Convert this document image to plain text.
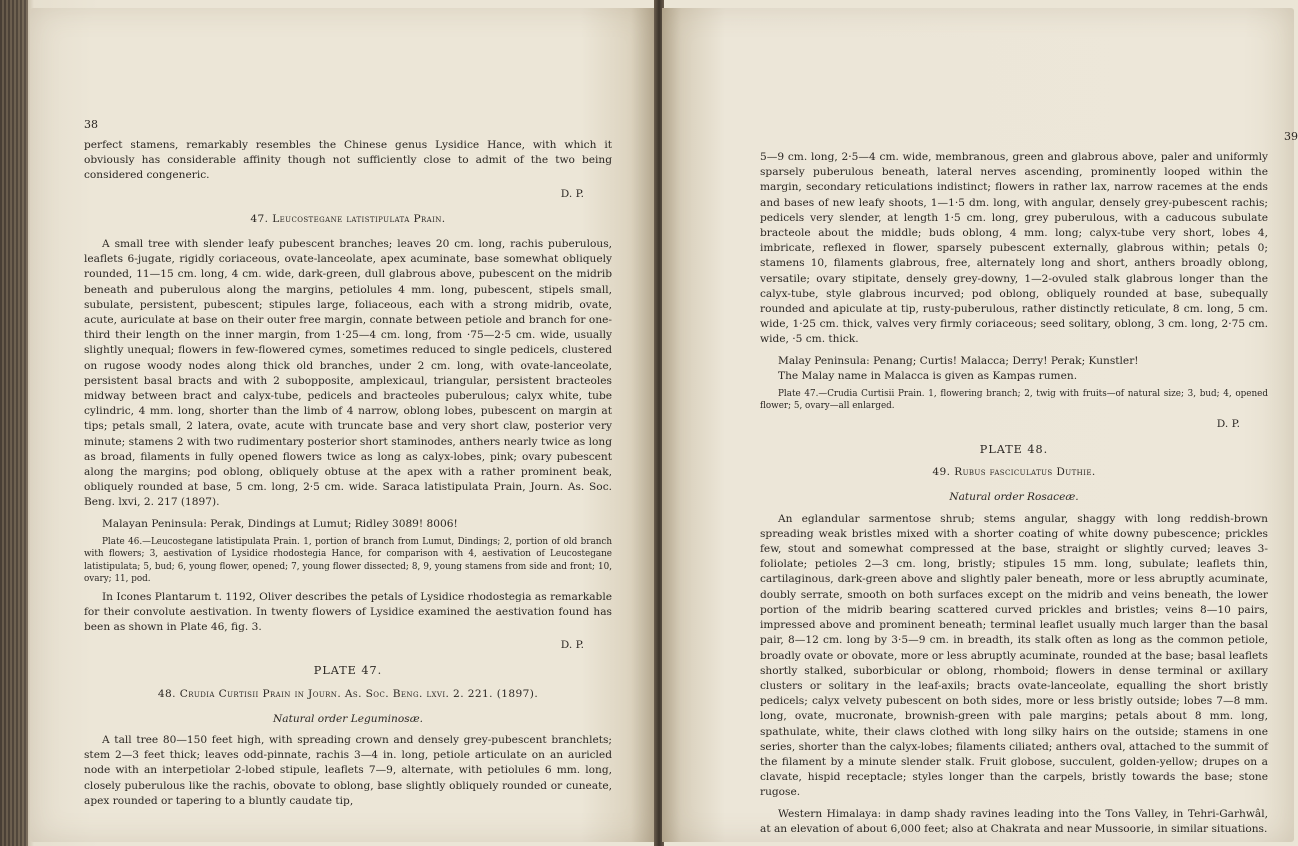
38

perfect stamens, remarkably resembles the Chinese genus Lysidice Hance, with which it obviously has considerable affinity though not sufficiently close to admit of the two being considered congeneric.

D. P.

47. Leucostegane latistipulata Prain.

A small tree with slender leafy pubescent branches; leaves 20 cm. long, rachis puberulous, leaflets 6-jugate, rigidly coriaceous, ovate-lanceolate, apex acuminate, base somewhat obliquely rounded, 11—15 cm. long, 4 cm. wide, dark-green, dull glabrous above, pubescent on the midrib beneath and puberulous along the margins, petiolules 4 mm. long, pubescent, stipels small, subulate, persistent, pubescent; stipules large, foliaceous, each with a strong midrib, ovate, acute, auriculate at base on their outer free margin, connate between petiole and branch for one-third their length on the inner margin, from 1·25—4 cm. long, from ·75—2·5 cm. wide, usually slightly unequal; flowers in few-flowered cymes, sometimes reduced to single pedicels, clustered on rugose woody nodes along thick old branches, under 2 cm. long, with ovate-lanceolate, persistent basal bracts and with 2 subopposite, amplexicaul, triangular, persistent bracteoles midway between bract and calyx-tube, pedicels and bracteoles puberulous; calyx white, tube cylindric, 4 mm. long, shorter than the limb of 4 narrow, oblong lobes, pubescent on margin at tips; petals small, 2 latera, ovate, acute with truncate base and very short claw, posterior very minute; stamens 2 with two rudimentary posterior short staminodes, anthers nearly twice as long as broad, filaments in fully opened flowers twice as long as calyx-lobes, pink; ovary pubescent along the margins; pod oblong, obliquely obtuse at the apex with a rather prominent beak, obliquely rounded at base, 5 cm. long, 2·5 cm. wide. Saraca latistipulata Prain, Journ. As. Soc. Beng. lxvi, 2. 217 (1897).

Malayan Peninsula: Perak, Dindings at Lumut; Ridley 3089! 8006!

Plate 46.—Leucostegane latistipulata Prain. 1, portion of branch from Lumut, Dindings; 2, portion of old branch with flowers; 3, aestivation of Lysidice rhodostegia Hance, for comparison with 4, aestivation of Leucostegane latistipulata; 5, bud; 6, young flower, opened; 7, young flower dissected; 8, 9, young stamens from side and front; 10, ovary; 11, pod.

In Icones Plantarum t. 1192, Oliver describes the petals of Lysidice rhodostegia as remarkable for their convolute aestivation. In twenty flowers of Lysidice examined the aestivation found has been as shown in Plate 46, fig. 3.

D. P.

PLATE 47.

48. Crudia Curtisii Prain in Journ. As. Soc. Beng. lxvi. 2. 221. (1897).

Natural order Leguminosæ.

A tall tree 80—150 feet high, with spreading crown and densely grey-pubescent branchlets; stem 2—3 feet thick; leaves odd-pinnate, rachis 3—4 in. long, petiole articulate on an auricled node with an interpetiolar 2-lobed stipule, leaflets 7—9, alternate, with petiolules 6 mm. long, closely puberulous like the rachis, obovate to oblong, base slightly obliquely rounded or cuneate, apex rounded or tapering to a bluntly caudate tip,

39

5—9 cm. long, 2·5—4 cm. wide, membranous, green and glabrous above, paler and uniformly sparsely puberulous beneath, lateral nerves ascending, prominently looped within the margin, secondary reticulations indistinct; flowers in rather lax, narrow racemes at the ends and bases of new leafy shoots, 1—1·5 dm. long, with angular, densely grey-pubescent rachis; pedicels very slender, at length 1·5 cm. long, grey puberulous, with a caducous subulate bracteole about the middle; buds oblong, 4 mm. long; calyx-tube very short, lobes 4, imbricate, reflexed in flower, sparsely pubescent externally, glabrous within; petals 0; stamens 10, filaments glabrous, free, alternately long and short, anthers broadly oblong, versatile; ovary stipitate, densely grey-downy, 1—2-ovuled stalk glabrous longer than the calyx-tube, style glabrous incurved; pod oblong, obliquely rounded at base, subequally rounded and apiculate at tip, rusty-puberulous, rather distinctly reticulate, 8 cm. long, 5 cm. wide, 1·25 cm. thick, valves very firmly coriaceous; seed solitary, oblong, 3 cm. long, 2·75 cm. wide, ·5 cm. thick.

Malay Peninsula: Penang; Curtis! Malacca; Derry! Perak; Kunstler!

The Malay name in Malacca is given as Kampas rumen.

Plate 47.—Crudia Curtisii Prain. 1, flowering branch; 2, twig with fruits—of natural size; 3, bud; 4, opened flower; 5, ovary—all enlarged.

D. P.

PLATE 48.

49. Rubus fasciculatus Duthie.

Natural order Rosaceæ.

An eglandular sarmentose shrub; stems angular, shaggy with long reddish-brown spreading weak bristles mixed with a shorter coating of white downy pubescence; prickles few, stout and somewhat compressed at the base, straight or slightly curved; leaves 3-foliolate; petioles 2—3 cm. long, bristly; stipules 15 mm. long, subulate; leaflets thin, cartilaginous, dark-green above and slightly paler beneath, more or less abruptly acuminate, doubly serrate, smooth on both surfaces except on the midrib and veins beneath, the lower portion of the midrib bearing scattered curved prickles and bristles; veins 8—10 pairs, impressed above and prominent beneath; terminal leaflet usually much larger than the basal pair, 8—12 cm. long by 3·5—9 cm. in breadth, its stalk often as long as the common petiole, broadly ovate or obovate, more or less abruptly acuminate, rounded at the base; basal leaflets shortly stalked, suborbicular or oblong, rhomboid; flowers in dense terminal or axillary clusters or solitary in the leaf-axils; bracts ovate-lanceolate, equalling the short bristly pedicels; calyx velvety pubescent on both sides, more or less bristly outside; lobes 7—8 mm. long, ovate, mucronate, brownish-green with pale margins; petals about 8 mm. long, spathulate, white, their claws clothed with long silky hairs on the outside; stamens in one series, shorter than the calyx-lobes; filaments ciliated; anthers oval, attached to the summit of the filament by a minute slender stalk. Fruit globose, succulent, golden-yellow; drupes on a clavate, hispid receptacle; styles longer than the carpels, bristly towards the base; stone rugose.

Western Himalaya: in damp shady ravines leading into the Tons Valley, in Tehri-Garhwâl, at an elevation of about 6,000 feet; also at Chakrata and near Mussoorie, in similar situations.
